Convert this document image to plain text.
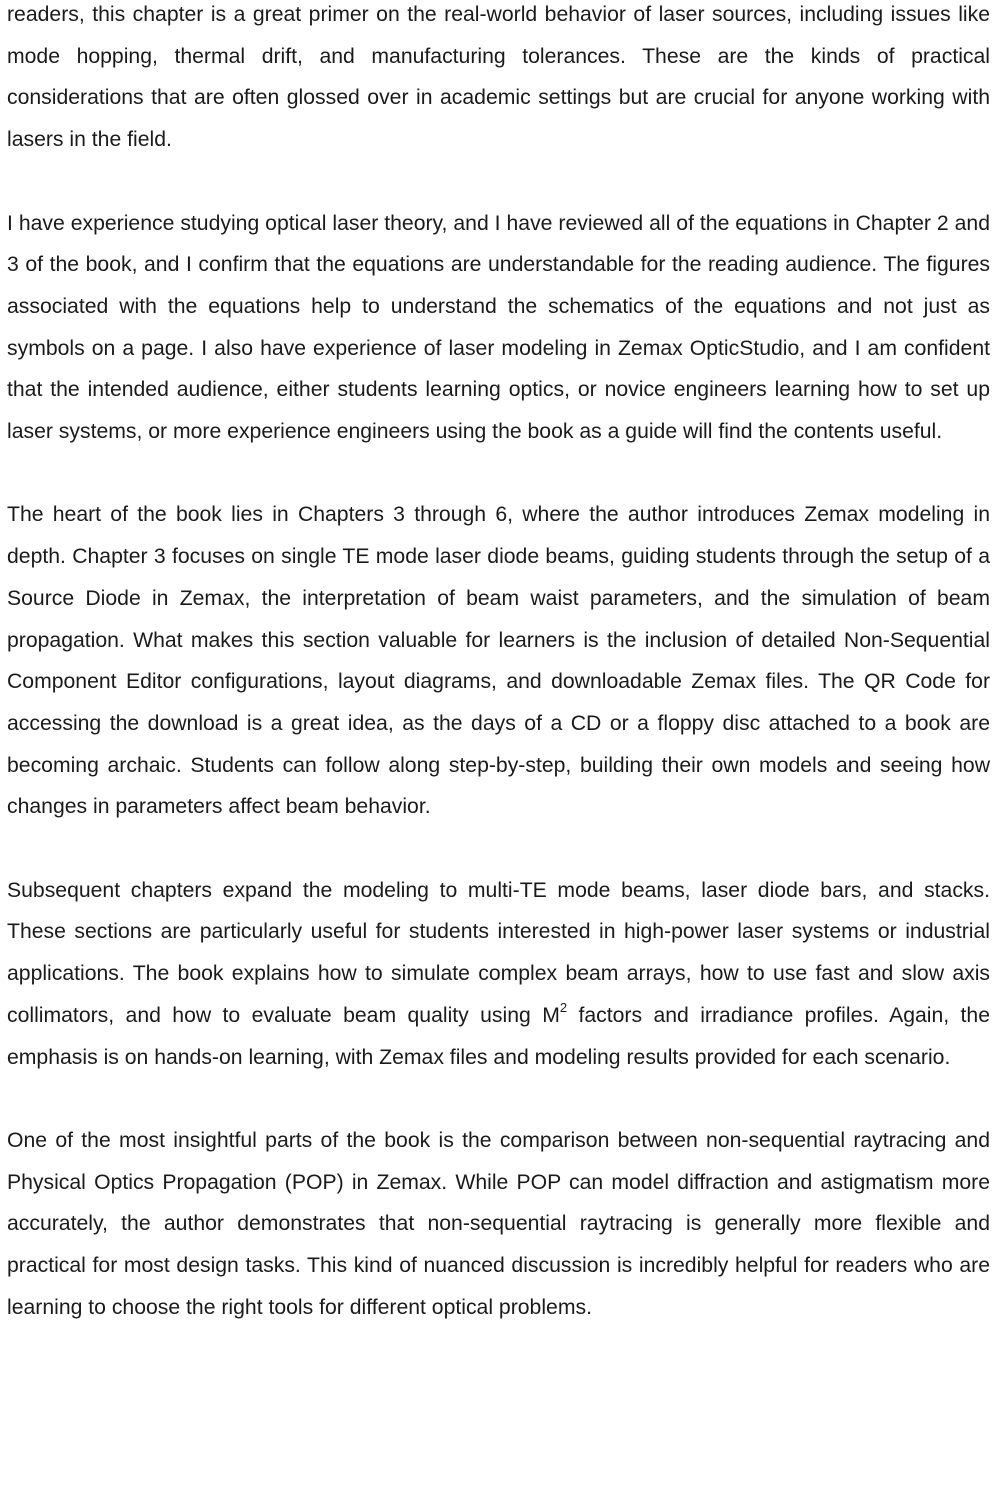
readers, this chapter is a great primer on the real-world behavior of laser sources, including issues like mode hopping, thermal drift, and manufacturing tolerances. These are the kinds of practical considerations that are often glossed over in academic settings but are crucial for anyone working with lasers in the field.

I have experience studying optical laser theory, and I have reviewed all of the equations in Chapter 2 and 3 of the book, and I confirm that the equations are understandable for the reading audience. The figures associated with the equations help to understand the schematics of the equations and not just as symbols on a page. I also have experience of laser modeling in Zemax OpticStudio, and I am confident that the intended audience, either students learning optics, or novice engineers learning how to set up laser systems, or more experience engineers using the book as a guide will find the contents useful.

The heart of the book lies in Chapters 3 through 6, where the author introduces Zemax modeling in depth. Chapter 3 focuses on single TE mode laser diode beams, guiding students through the setup of a Source Diode in Zemax, the interpretation of beam waist parameters, and the simulation of beam propagation. What makes this section valuable for learners is the inclusion of detailed Non-Sequential Component Editor configurations, layout diagrams, and downloadable Zemax files. The QR Code for accessing the download is a great idea, as the days of a CD or a floppy disc attached to a book are becoming archaic. Students can follow along step-by-step, building their own models and seeing how changes in parameters affect beam behavior.

Subsequent chapters expand the modeling to multi-TE mode beams, laser diode bars, and stacks. These sections are particularly useful for students interested in high-power laser systems or industrial applications. The book explains how to simulate complex beam arrays, how to use fast and slow axis collimators, and how to evaluate beam quality using $M^2$ factors and irradiance profiles. Again, the emphasis is on hands-on learning, with Zemax files and modeling results provided for each scenario.

One of the most insightful parts of the book is the comparison between non-sequential raytracing and Physical Optics Propagation (POP) in Zemax. While POP can model diffraction and astigmatism more accurately, the author demonstrates that non-sequential raytracing is generally more flexible and practical for most design tasks. This kind of nuanced discussion is incredibly helpful for readers who are learning to choose the right tools for different optical problems.
